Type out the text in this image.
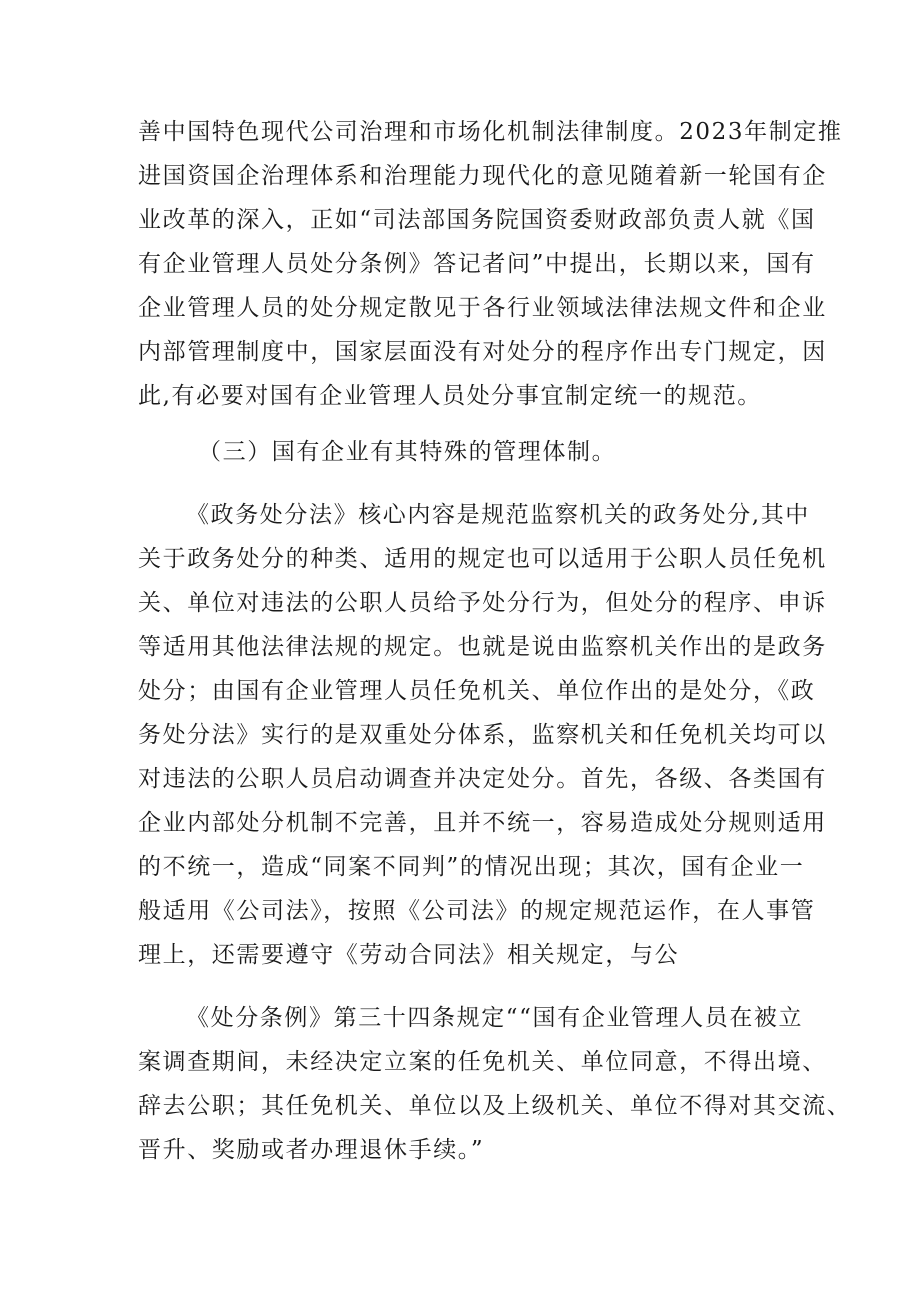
善中国特色现代公司治理和市场化机制法律制度。2023年制定推
进国资国企治理体系和治理能力现代化的意见随着新一轮国有企
业改革的深入，正如“司法部国务院国资委财政部负责人就《国
有企业管理人员处分条例》答记者问”中提出，长期以来，国有
企业管理人员的处分规定散见于各行业领域法律法规文件和企业
内部管理制度中，国家层面没有对处分的程序作出专门规定，因
此,有必要对国有企业管理人员处分事宜制定统一的规范。
（三）国有企业有其特殊的管理体制。
《政务处分法》核心内容是规范监察机关的政务处分,其中
关于政务处分的种类、适用的规定也可以适用于公职人员任免机
关、单位对违法的公职人员给予处分行为，但处分的程序、申诉
等适用其他法律法规的规定。也就是说由监察机关作出的是政务
处分；由国有企业管理人员任免机关、单位作出的是处分，《政
务处分法》实行的是双重处分体系，监察机关和任免机关均可以
对违法的公职人员启动调查并决定处分。首先，各级、各类国有
企业内部处分机制不完善，且并不统一，容易造成处分规则适用
的不统一，造成“同案不同判”的情况出现；其次，国有企业一
般适用《公司法》，按照《公司法》的规定规范运作，在人事管
理上，还需要遵守《劳动合同法》相关规定，与公
《处分条例》第三十四条规定““国有企业管理人员在被立
案调查期间，未经决定立案的任免机关、单位同意，不得出境、
辞去公职；其任免机关、单位以及上级机关、单位不得对其交流、
晋升、奖励或者办理退休手续。”
